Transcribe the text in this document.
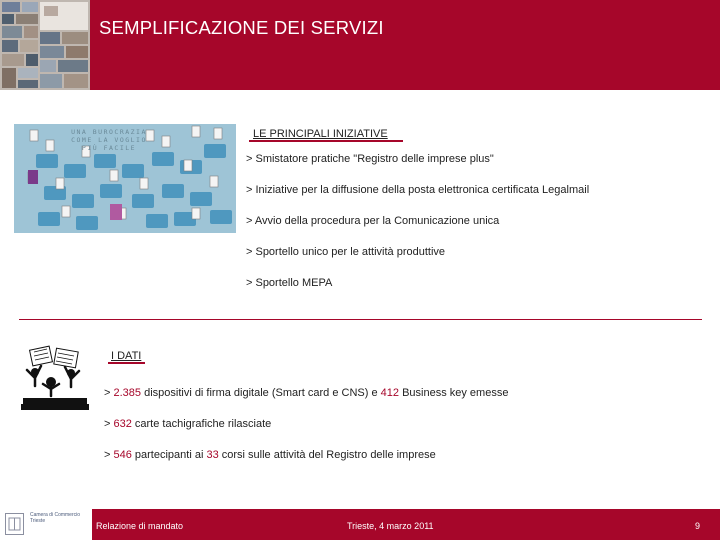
SEMPLIFICAZIONE DEI SERVIZI
UNA BUROCRAZIA COME LA VOGLIO PIÙ FACILE
LE PRINCIPALI INIZIATIVE
> Smistatore pratiche "Registro delle imprese plus"
> Iniziative per la diffusione della posta elettronica certificata Legalmail
> Avvio della procedura per la Comunicazione unica
> Sportello unico per le attività produttive
> Sportello MEPA
I DATI
> 2.385 dispositivi di firma digitale (Smart card e CNS) e 412 Business key emesse
> 632 carte tachigrafiche rilasciate
> 546 partecipanti ai 33 corsi sulle attività del Registro delle imprese
Camera di Commercio Trieste	Relazione di mandato	Trieste, 4 marzo 2011	9
